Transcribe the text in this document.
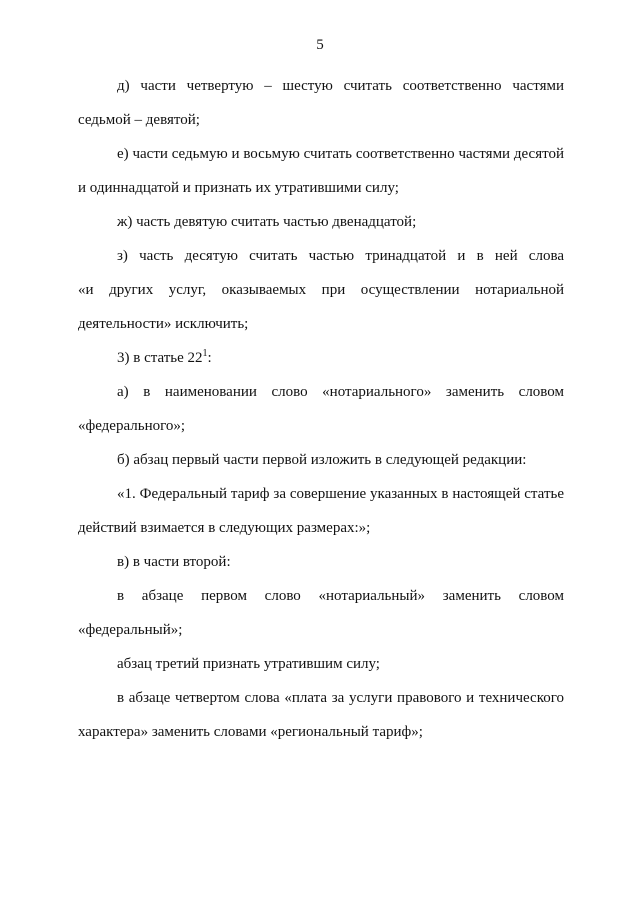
5
д) части четвертую – шестую считать соответственно частями
седьмой – девятой;
е) части седьмую и восьмую считать соответственно частями десятой
и одиннадцатой и признать их утратившими силу;
ж) часть девятую считать частью двенадцатой;
з) часть десятую считать частью тринадцатой и в ней слова
«и других услуг, оказываемых при осуществлении нотариальной
деятельности» исключить;
3) в статье $22^1$:
а) в наименовании слово «нотариального» заменить словом
«федерального»;
б) абзац первый части первой изложить в следующей редакции:
«1. Федеральный тариф за совершение указанных в настоящей статье
действий взимается в следующих размерах:»;
в) в части второй:
в абзаце первом слово «нотариальный» заменить словом
«федеральный»;
абзац третий признать утратившим силу;
в абзаце четвертом слова «плата за услуги правового и технического
характера» заменить словами «региональный тариф»;
